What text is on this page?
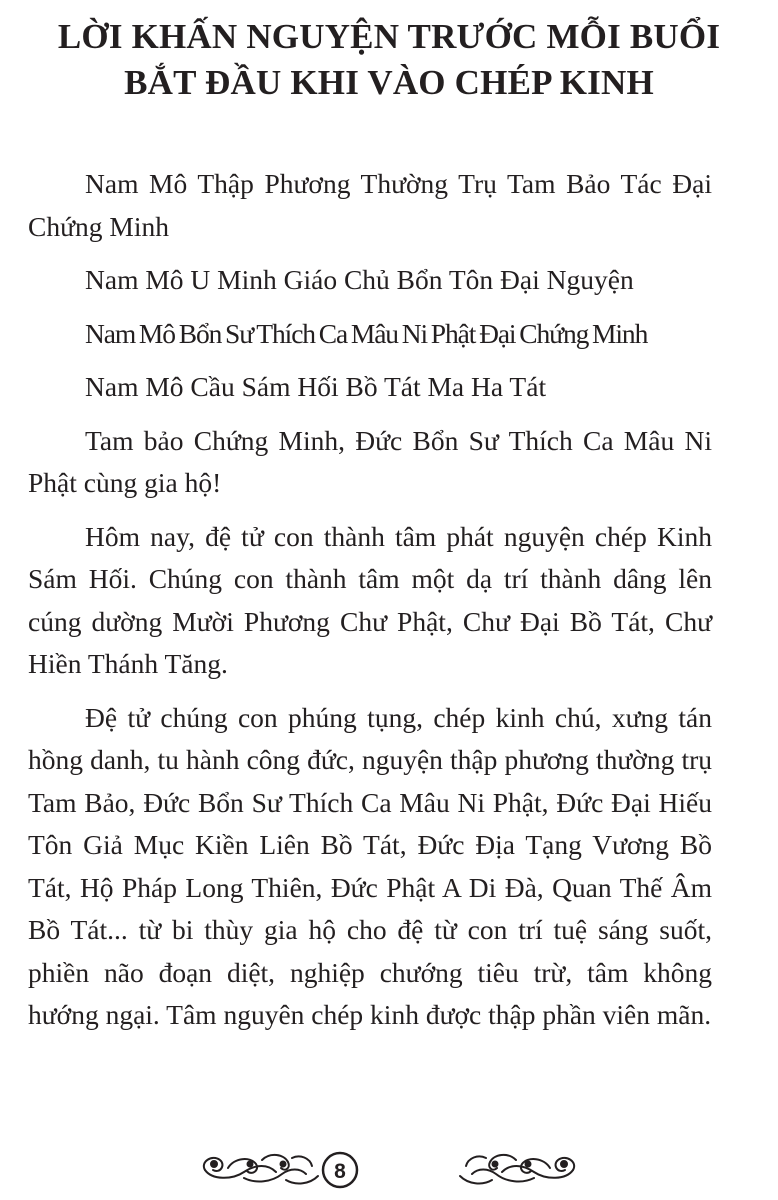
LỜI KHẤN NGUYỆN TRƯỚC MỖI BUỔI
BẮT ĐẦU KHI VÀO CHÉP KINH

Nam Mô Thập Phương Thường Trụ Tam Bảo Tác Đại Chứng Minh

Nam Mô U Minh Giáo Chủ Bổn Tôn Đại Nguyện

Nam Mô Bổn Sư Thích Ca Mâu Ni Phật Đại Chứng Minh

Nam Mô Cầu Sám Hối Bồ Tát Ma Ha Tát

Tam bảo Chứng Minh, Đức Bổn Sư Thích Ca Mâu Ni Phật cùng gia hộ!

Hôm nay, đệ tử con thành tâm phát nguyện chép Kinh Sám Hối. Chúng con thành tâm một dạ trí thành dâng lên cúng dường Mười Phương Chư Phật, Chư Đại Bồ Tát, Chư Hiền Thánh Tăng.

Đệ tử chúng con phúng tụng, chép kinh chú, xưng tán hồng danh, tu hành công đức, nguyện thập phương thường trụ Tam Bảo, Đức Bổn Sư Thích Ca Mâu Ni Phật, Đức Đại Hiếu Tôn Giả Mục Kiền Liên Bồ Tát, Đức Địa Tạng Vương Bồ Tát, Hộ Pháp Long Thiên, Đức Phật A Di Đà, Quan Thế Âm Bồ Tát... từ bi thùy gia hộ cho đệ từ con trí tuệ sáng suốt, phiền não đoạn diệt, nghiệp chướng tiêu trừ, tâm không hướng ngại. Tâm nguyên chép kinh được thập phần viên mãn.

8
